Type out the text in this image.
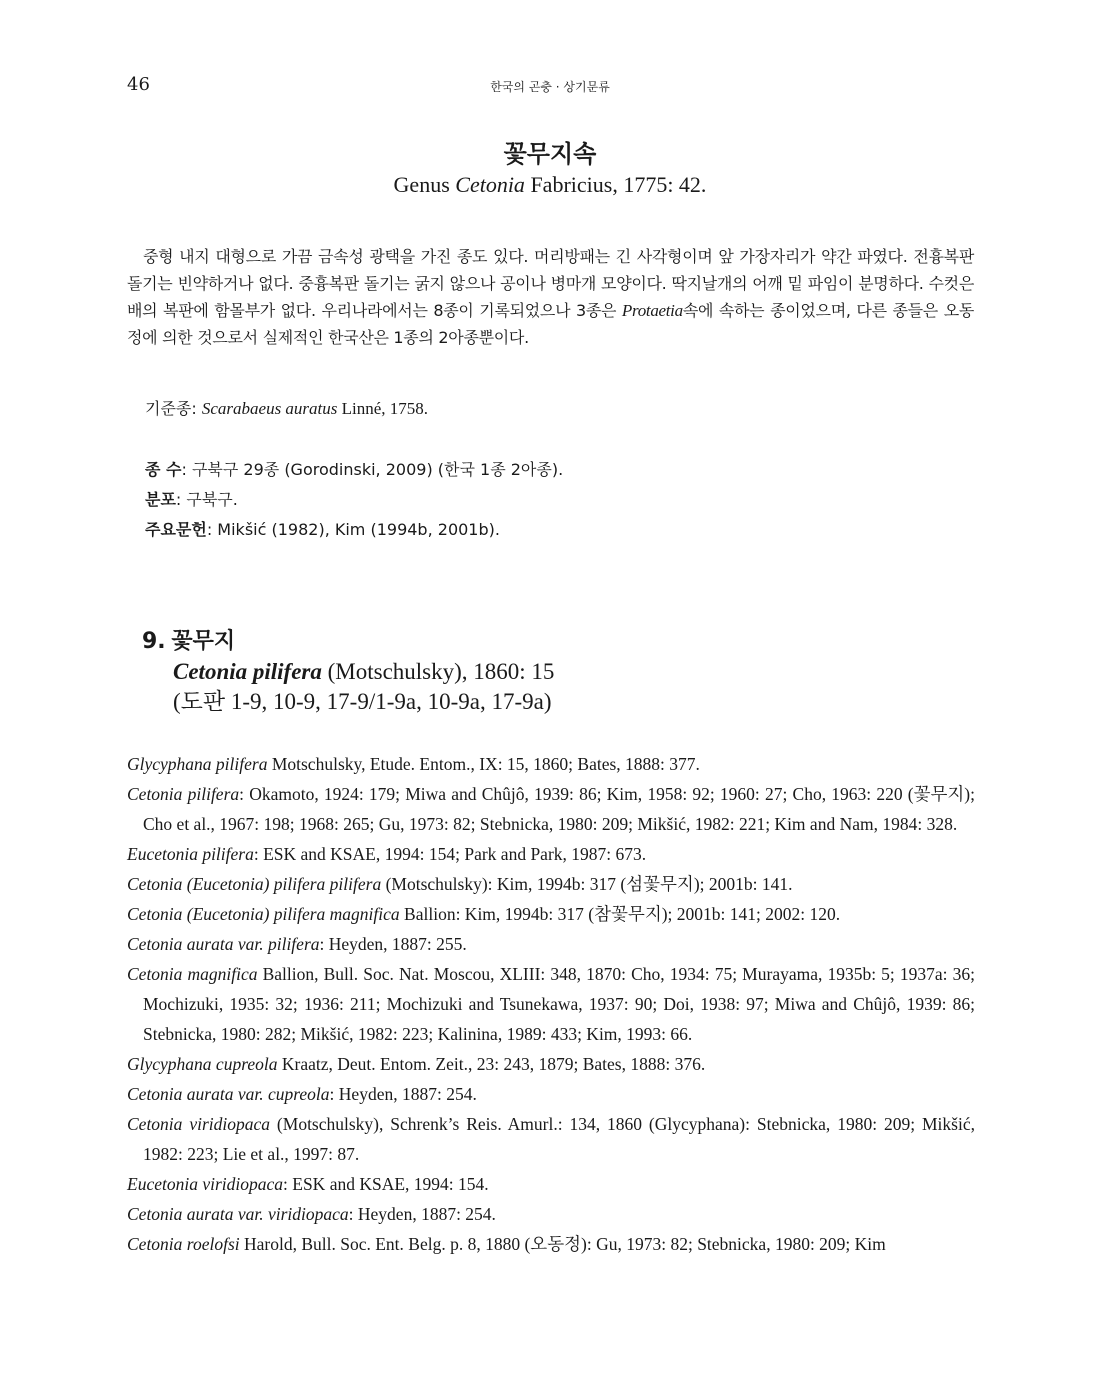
46	한국의 곤충 · 상기문류
꽃무지속
Genus Cetonia Fabricius, 1775: 42.

중형 내지 대형으로 가끔 금속성 광택을 가진 종도 있다. 머리방패는 긴 사각형이며 앞 가장자리가 약간 파였다. 전흉복판 돌기는 빈약하거나 없다. 중흉복판 돌기는 굵지 않으나 공이나 병마개 모양이다. 딱지날개의 어깨 밑 파임이 분명하다. 수컷은 배의 복판에 함몰부가 없다. 우리나라에서는 8종이 기록되었으나 3종은 Protaetia속에 속하는 종이었으며, 다른 종들은 오동정에 의한 것으로서 실제적인 한국산은 1종의 2아종뿐이다.

기준종: Scarabaeus auratus Linné, 1758.
종 수: 구북구 29종 (Gorodinski, 2009) (한국 1종 2아종).
분포: 구북구.
주요문헌: Mikšić (1982), Kim (1994b, 2001b).
9. 꽃무지
Cetonia pilifera (Motschulsky), 1860: 15
(도판 1-9, 10-9, 17-9/1-9a, 10-9a, 17-9a)
Glycyphana pilifera Motschulsky, Etude. Entom., IX: 15, 1860; Bates, 1888: 377.
Cetonia pilifera: Okamoto, 1924: 179; Miwa and Chûjô, 1939: 86; Kim, 1958: 92; 1960: 27; Cho, 1963: 220 (꽃무지); Cho et al., 1967: 198; 1968: 265; Gu, 1973: 82; Stebnicka, 1980: 209; Mikšić, 1982: 221; Kim and Nam, 1984: 328.
Eucetonia pilifera: ESK and KSAE, 1994: 154; Park and Park, 1987: 673.
Cetonia (Eucetonia) pilifera pilifera (Motschulsky): Kim, 1994b: 317 (섬꽃무지); 2001b: 141.
Cetonia (Eucetonia) pilifera magnifica Ballion: Kim, 1994b: 317 (참꽃무지); 2001b: 141; 2002: 120.
Cetonia aurata var. pilifera: Heyden, 1887: 255.
Cetonia magnifica Ballion, Bull. Soc. Nat. Moscou, XLIII: 348, 1870: Cho, 1934: 75; Murayama, 1935b: 5; 1937a: 36; Mochizuki, 1935: 32; 1936: 211; Mochizuki and Tsunekawa, 1937: 90; Doi, 1938: 97; Miwa and Chûjô, 1939: 86; Stebnicka, 1980: 282; Mikšić, 1982: 223; Kalinina, 1989: 433; Kim, 1993: 66.
Glycyphana cupreola Kraatz, Deut. Entom. Zeit., 23: 243, 1879; Bates, 1888: 376.
Cetonia aurata var. cupreola: Heyden, 1887: 254.
Cetonia viridiopaca (Motschulsky), Schrenk’s Reis. Amurl.: 134, 1860 (Glycyphana): Stebnicka, 1980: 209; Mikšić, 1982: 223; Lie et al., 1997: 87.
Eucetonia viridiopaca: ESK and KSAE, 1994: 154.
Cetonia aurata var. viridiopaca: Heyden, 1887: 254.
Cetonia roelofsi Harold, Bull. Soc. Ent. Belg. p. 8, 1880 (오동정): Gu, 1973: 82; Stebnicka, 1980: 209; Kim
